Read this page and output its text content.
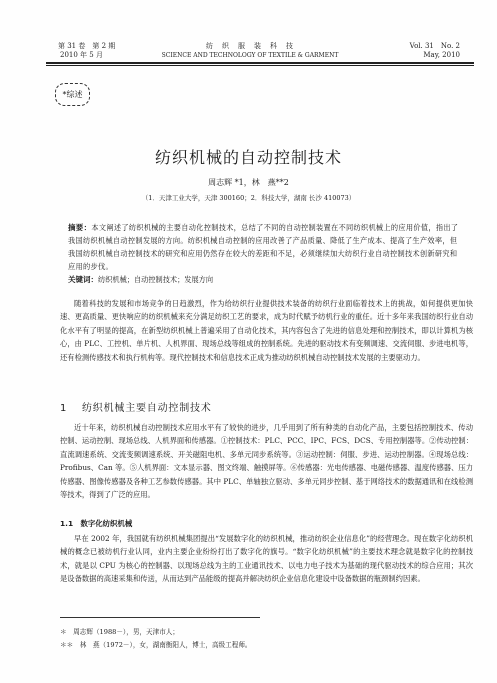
第 31 卷　第 2 期
2010 年 5 月
纺　织　服　装　科　技
SCIENCE AND TECHNOLOGY OF TEXTILE & GARMENT
Vol. 31　No. 2
May, 2010
*综述
纺织机械的自动控制技术
周志辉 *1，林　燕**2
（1．天津工业大学，天津 300160；2．科技大学，湖南 长沙 410073）
摘要：本文阐述了纺织机械的主要自动化控制技术，总结了不同的自动控制装置在不同纺织机械上的应用价值，指出了我国纺织机械自动控制发展的方向。纺织机械自动控制的应用改善了产品质量、降低了生产成本、提高了生产效率，但我国纺织机械自动控制技术的研究和应用仍然存在较大的差距和不足，必须继续加大纺织行业自动控制技术创新研究和应用的步伐。
关键词：纺织机械；自动控制技术；发展方向
随着科技的发展和市场竞争的日趋激烈，作为给纺织行业提供技术装备的纺织行业面临着技术上的挑战，如何提供更加快速、更高质量、更快响应的纺织机械来充分满足纺织工艺的要求，成为时代赋予纺机行业的重任。近十多年来我国纺织行业自动化水平有了明显的提高，在新型纺织机械上普遍采用了自动化技术，其内容包含了先进的信息处理和控制技术，即以计算机为核心，由 PLC、工控机、单片机、人机界面、现场总线等组成的控制系统。先进的驱动技术有变频调速、交流伺服、步进电机等，还有检测传感技术和执行机构等。现代控制技术和信息技术正成为推动纺织机械自动控制技术发展的主要驱动力。
1 纺织机械主要自动控制技术
近十年来，纺织机械自动控制技术应用水平有了较快的进步，几乎用到了所有种类的自动化产品，主要包括控制技术、传动控制、运动控制、现场总线、人机界面和传感器。①控制技术：PLC、PCC、IPC、FCS、DCS、专用控制器等。②传动控制：直流调速系统、交流变频调速系统、开关磁阻电机、多单元同步系统等。③运动控制：伺服、步进、运动控制器。④现场总线：Profibus、Can 等。⑤人机界面：文本显示器、图文终端、触摸屏等。⑥传感器：光电传感器、电磁传感器、温度传感器、压力传感器、图像传感器及各种工艺参数传感器。其中 PLC、单轴独立驱动、多单元同步控制、基于网络技术的数据通讯和在线检测等技术，得到了广泛的应用。
1.1　数字化纺织机械
早在 2002 年，我国就有纺织机械集团提出“发展数字化的纺织机械，推动纺织企业信息化”的经营理念。现在数字化纺织机械的概念已被纺机行业认同，业内主要企业纷纷打出了数字化的旗号。“数字化纺织机械”的主要技术理念就是数字化的控制技术，就是以 CPU 为核心的控制器、以现场总线为主的工业通讯技术、以电力电子技术为基础的现代驱动技术的综合应用；其次是设备数据的高速采集和传送，从而达到产品能级的提高并解决纺织企业信息化建设中设备数据的瓶颈制约因素。
＊　周志辉（1988－），男，天津市人；
＊＊　林　燕（1972－），女，湖南衡阳人，博士，高级工程师。
